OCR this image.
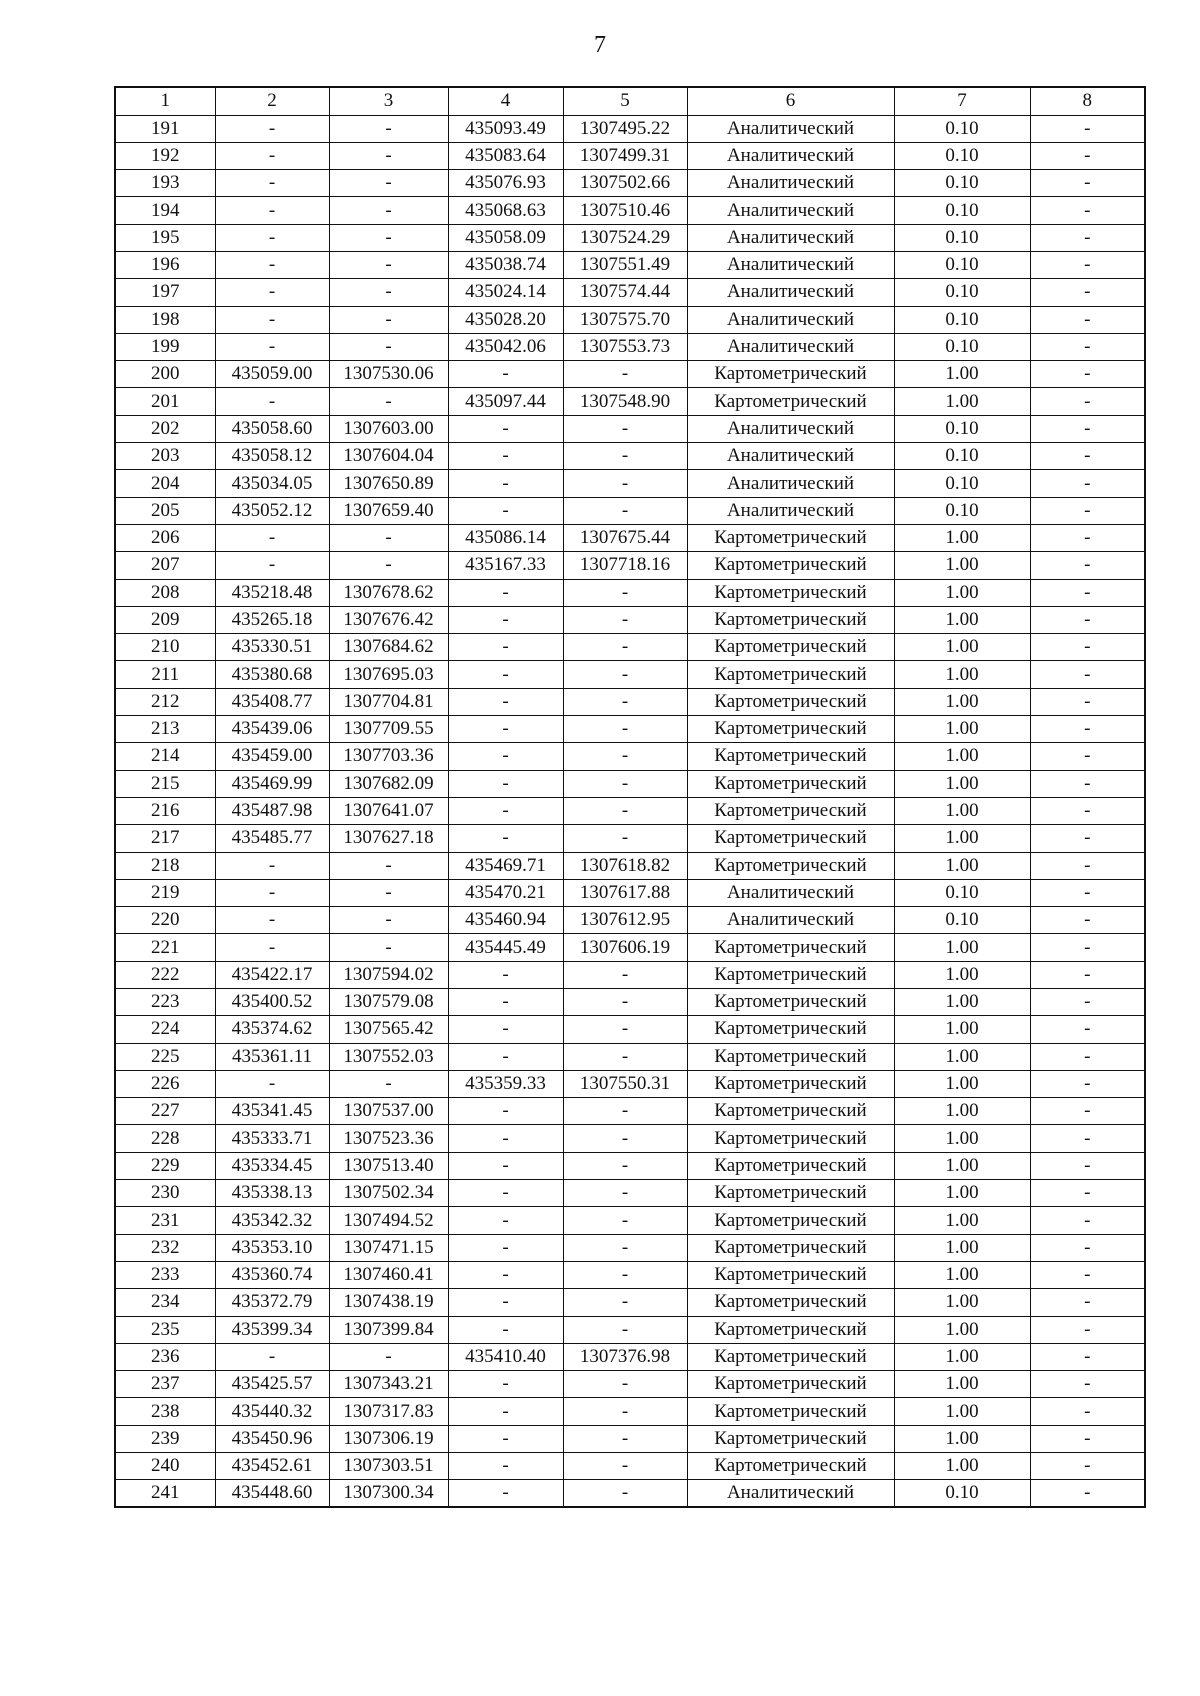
7
1	2	3	4	5	6	7	8
191	-	-	435093.49	1307495.22	Аналитический	0.10	-
192	-	-	435083.64	1307499.31	Аналитический	0.10	-
193	-	-	435076.93	1307502.66	Аналитический	0.10	-
194	-	-	435068.63	1307510.46	Аналитический	0.10	-
195	-	-	435058.09	1307524.29	Аналитический	0.10	-
196	-	-	435038.74	1307551.49	Аналитический	0.10	-
197	-	-	435024.14	1307574.44	Аналитический	0.10	-
198	-	-	435028.20	1307575.70	Аналитический	0.10	-
199	-	-	435042.06	1307553.73	Аналитический	0.10	-
200	435059.00	1307530.06	-	-	Картометрический	1.00	-
201	-	-	435097.44	1307548.90	Картометрический	1.00	-
202	435058.60	1307603.00	-	-	Аналитический	0.10	-
203	435058.12	1307604.04	-	-	Аналитический	0.10	-
204	435034.05	1307650.89	-	-	Аналитический	0.10	-
205	435052.12	1307659.40	-	-	Аналитический	0.10	-
206	-	-	435086.14	1307675.44	Картометрический	1.00	-
207	-	-	435167.33	1307718.16	Картометрический	1.00	-
208	435218.48	1307678.62	-	-	Картометрический	1.00	-
209	435265.18	1307676.42	-	-	Картометрический	1.00	-
210	435330.51	1307684.62	-	-	Картометрический	1.00	-
211	435380.68	1307695.03	-	-	Картометрический	1.00	-
212	435408.77	1307704.81	-	-	Картометрический	1.00	-
213	435439.06	1307709.55	-	-	Картометрический	1.00	-
214	435459.00	1307703.36	-	-	Картометрический	1.00	-
215	435469.99	1307682.09	-	-	Картометрический	1.00	-
216	435487.98	1307641.07	-	-	Картометрический	1.00	-
217	435485.77	1307627.18	-	-	Картометрический	1.00	-
218	-	-	435469.71	1307618.82	Картометрический	1.00	-
219	-	-	435470.21	1307617.88	Аналитический	0.10	-
220	-	-	435460.94	1307612.95	Аналитический	0.10	-
221	-	-	435445.49	1307606.19	Картометрический	1.00	-
222	435422.17	1307594.02	-	-	Картометрический	1.00	-
223	435400.52	1307579.08	-	-	Картометрический	1.00	-
224	435374.62	1307565.42	-	-	Картометрический	1.00	-
225	435361.11	1307552.03	-	-	Картометрический	1.00	-
226	-	-	435359.33	1307550.31	Картометрический	1.00	-
227	435341.45	1307537.00	-	-	Картометрический	1.00	-
228	435333.71	1307523.36	-	-	Картометрический	1.00	-
229	435334.45	1307513.40	-	-	Картометрический	1.00	-
230	435338.13	1307502.34	-	-	Картометрический	1.00	-
231	435342.32	1307494.52	-	-	Картометрический	1.00	-
232	435353.10	1307471.15	-	-	Картометрический	1.00	-
233	435360.74	1307460.41	-	-	Картометрический	1.00	-
234	435372.79	1307438.19	-	-	Картометрический	1.00	-
235	435399.34	1307399.84	-	-	Картометрический	1.00	-
236	-	-	435410.40	1307376.98	Картометрический	1.00	-
237	435425.57	1307343.21	-	-	Картометрический	1.00	-
238	435440.32	1307317.83	-	-	Картометрический	1.00	-
239	435450.96	1307306.19	-	-	Картометрический	1.00	-
240	435452.61	1307303.51	-	-	Картометрический	1.00	-
241	435448.60	1307300.34	-	-	Аналитический	0.10	-
